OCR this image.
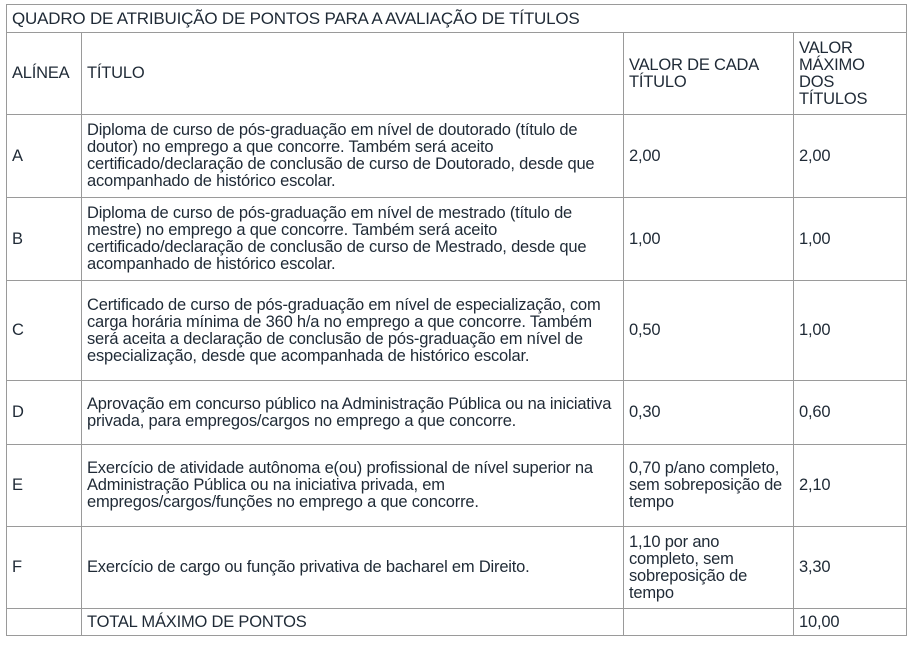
QUADRO DE ATRIBUIÇÃO DE PONTOS PARA A AVALIAÇÃO DE TÍTULOS			
ALÍNEA	TÍTULO	VALOR DE CADA TÍTULO	VALOR MÁXIMO DOS TÍTULOS
A	Diploma de curso de pós-graduação em nível de doutorado (título de doutor) no emprego a que concorre. Também será aceito certificado/declaração de conclusão de curso de Doutorado, desde que acompanhado de histórico escolar.	2,00	2,00
B	Diploma de curso de pós-graduação em nível de mestrado (título de mestre) no emprego a que concorre. Também será aceito certificado/declaração de conclusão de curso de Mestrado, desde que acompanhado de histórico escolar.	1,00	1,00
C	Certificado de curso de pós-graduação em nível de especialização, com carga horária mínima de 360 h/a no emprego a que concorre. Também será aceita a declaração de conclusão de pós-graduação em nível de especialização, desde que acompanhada de histórico escolar.	0,50	1,00
D	Aprovação em concurso público na Administração Pública ou na iniciativa privada, para empregos/cargos no emprego a que concorre.	0,30	0,60
E	Exercício de atividade autônoma e(ou) profissional de nível superior na Administração Pública ou na iniciativa privada, em empregos/cargos/funções no emprego a que concorre.	0,70 p/ano completo, sem sobreposição de tempo	2,10
F	Exercício de cargo ou função privativa de bacharel em Direito.	1,10 por ano completo, sem sobreposição de tempo	3,30
	TOTAL MÁXIMO DE PONTOS		10,00
